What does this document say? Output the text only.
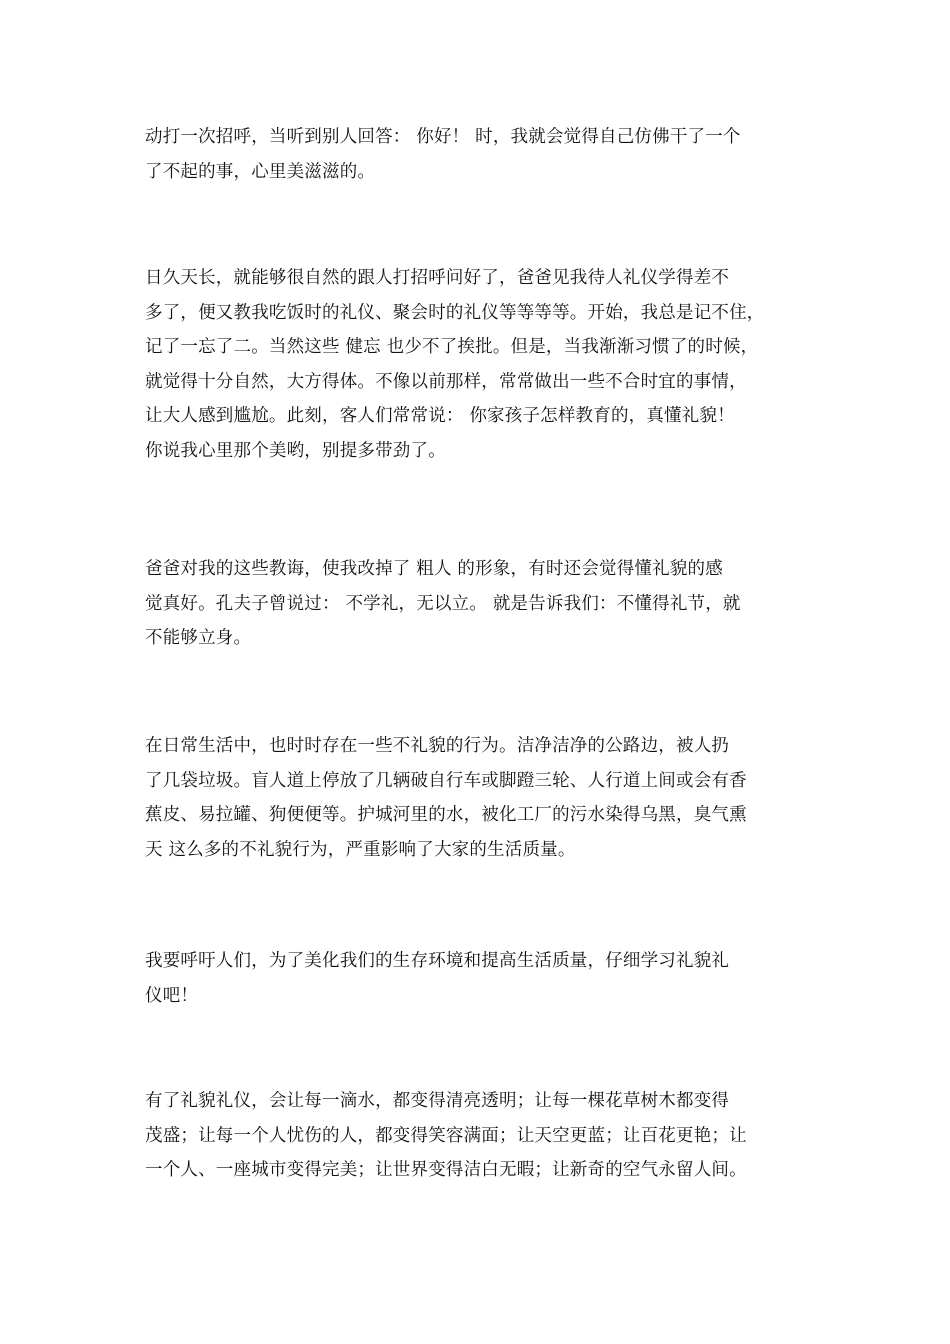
动打一次招呼，当听到别人回答： 你好！ 时，我就会觉得自己仿佛干了一个
了不起的事，心里美滋滋的。
日久天长，就能够很自然的跟人打招呼问好了，爸爸见我待人礼仪学得差不
多了，便又教我吃饭时的礼仪、聚会时的礼仪等等等等。开始，我总是记不住，
记了一忘了二。当然这些 健忘 也少不了挨批。但是，当我渐渐习惯了的时候，
就觉得十分自然，大方得体。不像以前那样，常常做出一些不合时宜的事情，
让大人感到尴尬。此刻，客人们常常说： 你家孩子怎样教育的，真懂礼貌！
你说我心里那个美哟，别提多带劲了。
爸爸对我的这些教诲，使我改掉了 粗人 的形象，有时还会觉得懂礼貌的感
觉真好。孔夫子曾说过： 不学礼，无以立。 就是告诉我们：不懂得礼节，就
不能够立身。
在日常生活中，也时时存在一些不礼貌的行为。洁净洁净的公路边，被人扔
了几袋垃圾。盲人道上停放了几辆破自行车或脚蹬三轮、人行道上间或会有香
蕉皮、易拉罐、狗便便等。护城河里的水，被化工厂的污水染得乌黑，臭气熏
天 这么多的不礼貌行为，严重影响了大家的生活质量。
我要呼吁人们，为了美化我们的生存环境和提高生活质量，仔细学习礼貌礼
仪吧！
有了礼貌礼仪，会让每一滴水，都变得清亮透明；让每一棵花草树木都变得
茂盛；让每一个人忧伤的人，都变得笑容满面；让天空更蓝；让百花更艳；让
一个人、一座城市变得完美；让世界变得洁白无暇；让新奇的空气永留人间。
